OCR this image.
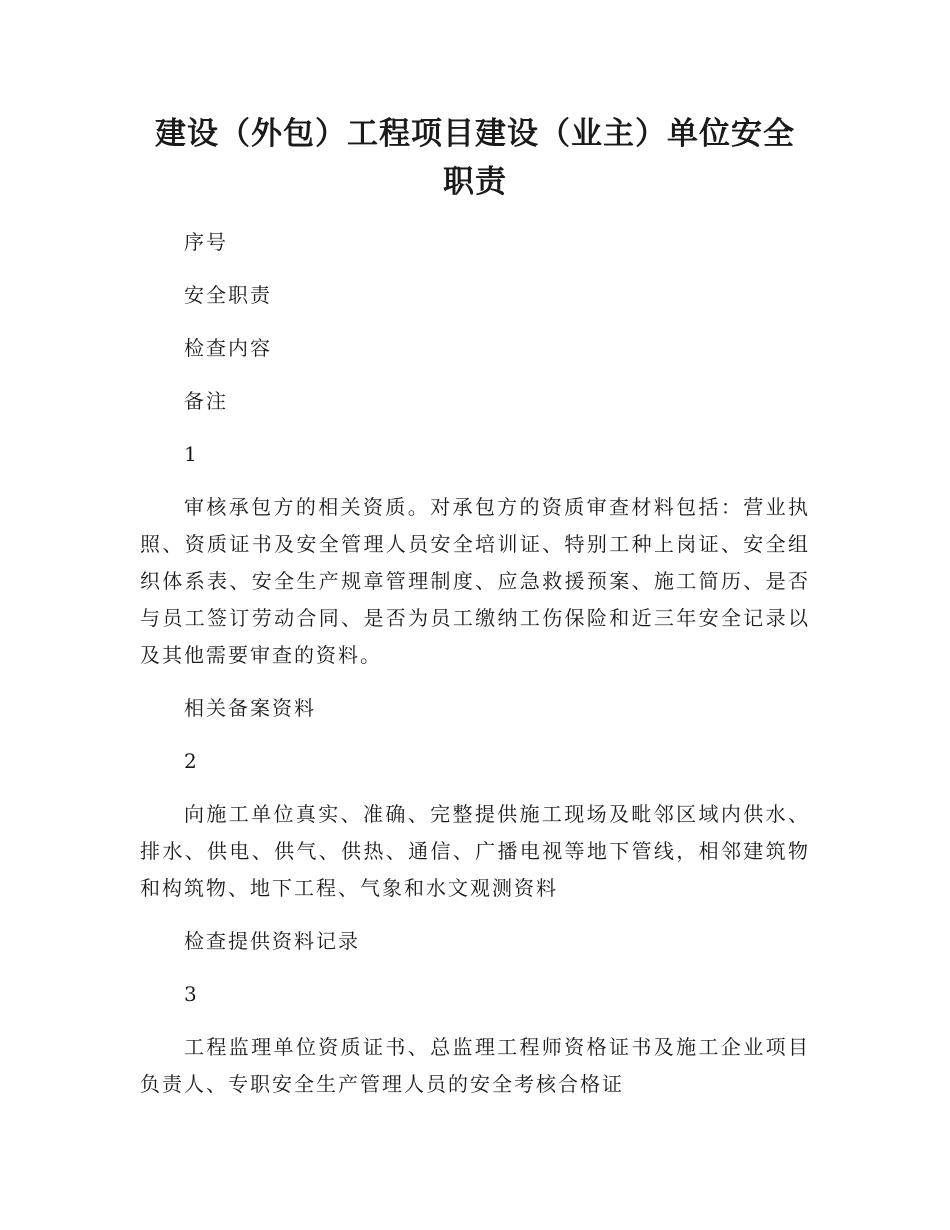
建设（外包）工程项目建设（业主）单位安全职责

序号

安全职责

检查内容

备注

1

审核承包方的相关资质。对承包方的资质审查材料包括：营业执照、资质证书及安全管理人员安全培训证、特别工种上岗证、安全组织体系表、安全生产规章管理制度、应急救援预案、施工简历、是否与员工签订劳动合同、是否为员工缴纳工伤保险和近三年安全记录以及其他需要审查的资料。

相关备案资料

2

向施工单位真实、准确、完整提供施工现场及毗邻区域内供水、排水、供电、供气、供热、通信、广播电视等地下管线，相邻建筑物和构筑物、地下工程、气象和水文观测资料

检查提供资料记录

3

工程监理单位资质证书、总监理工程师资格证书及施工企业项目负责人、专职安全生产管理人员的安全考核合格证
